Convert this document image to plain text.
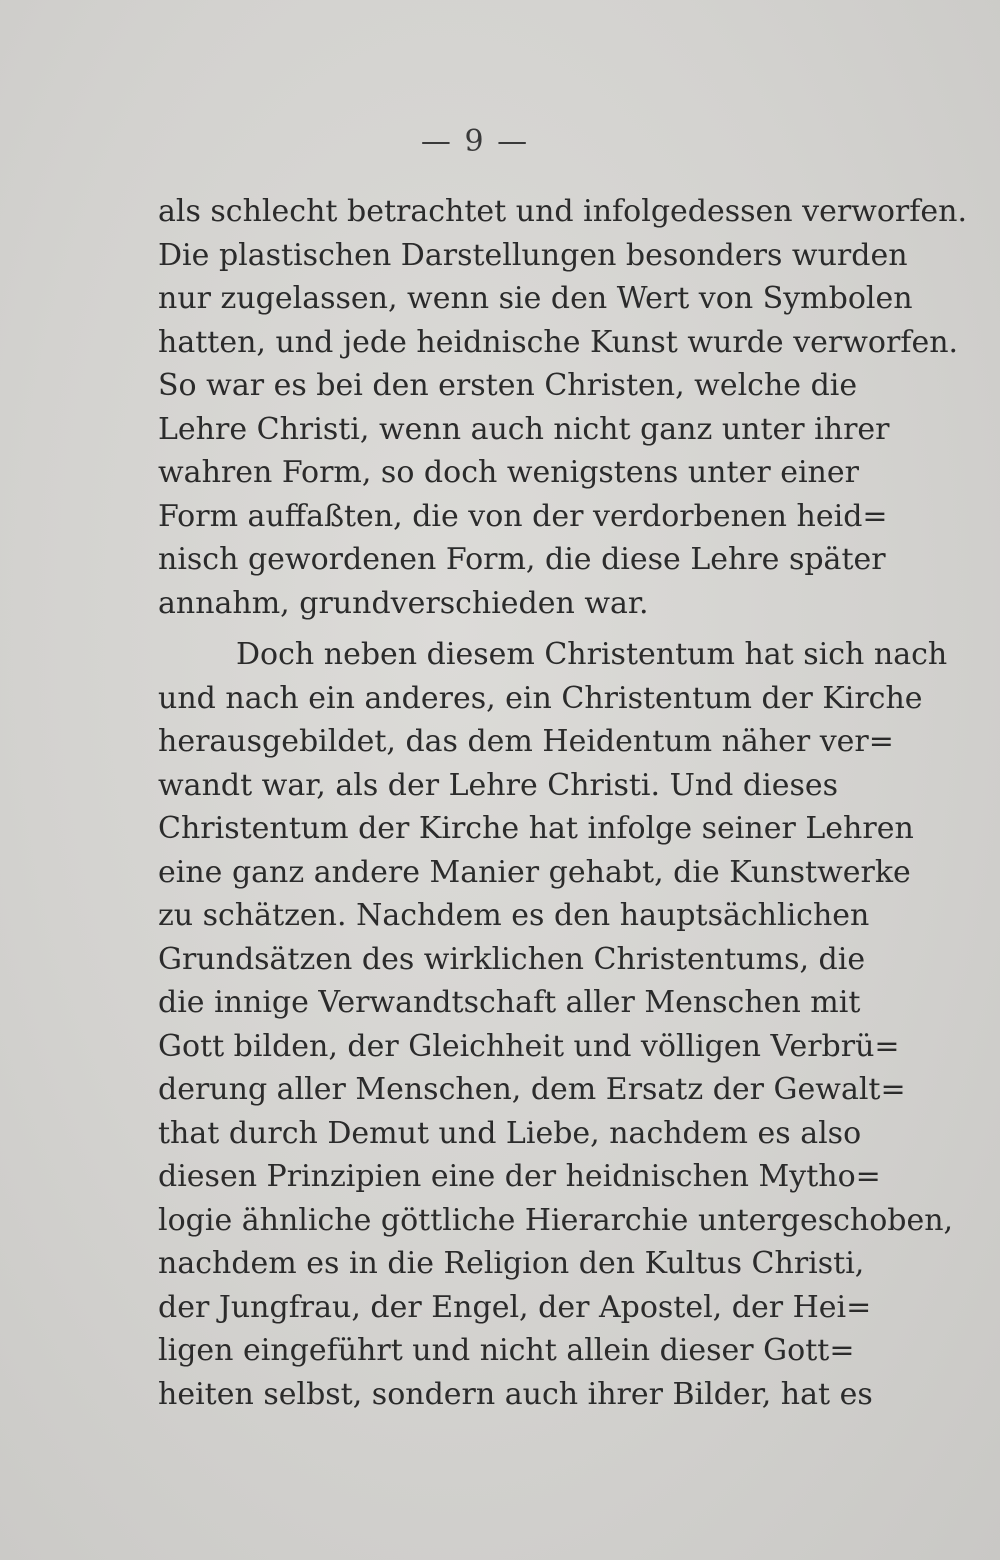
— 9 —
als schlecht betrachtet und infolgedessen verworfen.
Die plastischen Darstellungen besonders wurden
nur zugelassen, wenn sie den Wert von Symbolen
hatten, und jede heidnische Kunst wurde verworfen.
So war es bei den ersten Christen, welche die
Lehre Christi, wenn auch nicht ganz unter ihrer
wahren Form, so doch wenigstens unter einer
Form auffaßten, die von der verdorbenen heid=
nisch gewordenen Form, die diese Lehre später
annahm, grundverschieden war.
Doch neben diesem Christentum hat sich nach
und nach ein anderes, ein Christentum der Kirche
herausgebildet, das dem Heidentum näher ver=
wandt war, als der Lehre Christi. Und dieses
Christentum der Kirche hat infolge seiner Lehren
eine ganz andere Manier gehabt, die Kunstwerke
zu schätzen. Nachdem es den hauptsächlichen
Grundsätzen des wirklichen Christentums, die
die innige Verwandtschaft aller Menschen mit
Gott bilden, der Gleichheit und völligen Verbrü=
derung aller Menschen, dem Ersatz der Gewalt=
that durch Demut und Liebe, nachdem es also
diesen Prinzipien eine der heidnischen Mytho=
logie ähnliche göttliche Hierarchie untergeschoben,
nachdem es in die Religion den Kultus Christi,
der Jungfrau, der Engel, der Apostel, der Hei=
ligen eingeführt und nicht allein dieser Gott=
heiten selbst, sondern auch ihrer Bilder, hat es
